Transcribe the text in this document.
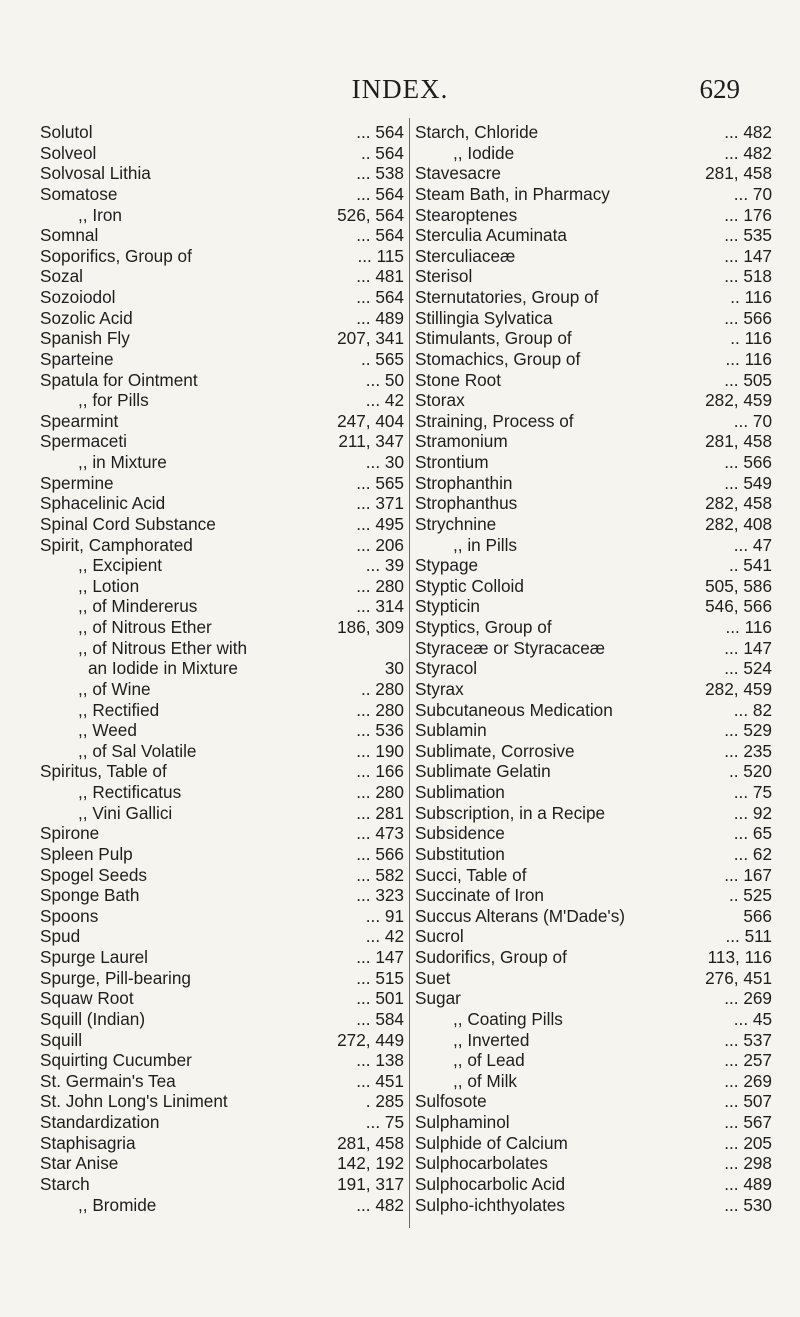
INDEX.	629
Solutol	... 564
Solveol	.. 564
Solvosal Lithia	... 538
Somatose	... 564
,, Iron	526, 564
Somnal	... 564
Soporifics, Group of	... 115
Sozal	... 481
Sozoiodol	... 564
Sozolic Acid	... 489
Spanish Fly	207, 341
Sparteine	.. 565
Spatula for Ointment	... 50
,, for Pills	... 42
Spearmint	247, 404
Spermaceti	211, 347
,, in Mixture	... 30
Spermine	... 565
Sphacelinic Acid	... 371
Spinal Cord Substance	... 495
Spirit, Camphorated	... 206
,, Excipient	... 39
,, Lotion	... 280
,, of Mindererus	... 314
,, of Nitrous Ether	186, 309
,, of Nitrous Ether with
an Iodide in Mixture	30
,, of Wine	.. 280
,, Rectified	... 280
,, Weed	... 536
,, of Sal Volatile	... 190
Spiritus, Table of	... 166
,, Rectificatus	... 280
,, Vini Gallici	... 281
Spirone	... 473
Spleen Pulp	... 566
Spogel Seeds	... 582
Sponge Bath	... 323
Spoons	... 91
Spud	... 42
Spurge Laurel	... 147
Spurge, Pill-bearing	... 515
Squaw Root	... 501
Squill (Indian)	... 584
Squill	272, 449
Squirting Cucumber	... 138
St. Germain's Tea	... 451
St. John Long's Liniment	. 285
Standardization	... 75
Staphisagria	281, 458
Star Anise	142, 192
Starch	191, 317
,, Bromide	... 482
Starch, Chloride	... 482
,, Iodide	... 482
Stavesacre	281, 458
Steam Bath, in Pharmacy	... 70
Stearoptenes	... 176
Sterculia Acuminata	... 535
Sterculiaceæ	... 147
Sterisol	... 518
Sternutatories, Group of	.. 116
Stillingia Sylvatica	... 566
Stimulants, Group of	.. 116
Stomachics, Group of	... 116
Stone Root	... 505
Storax	282, 459
Straining, Process of	... 70
Stramonium	281, 458
Strontium	... 566
Strophanthin	... 549
Strophanthus	282, 458
Strychnine	282, 408
,, in Pills	... 47
Stypage	.. 541
Styptic Colloid	505, 586
Stypticin	546, 566
Styptics, Group of	... 116
Styraceæ or Styracaceæ	... 147
Styracol	... 524
Styrax	282, 459
Subcutaneous Medication	... 82
Sublamin	... 529
Sublimate, Corrosive	... 235
Sublimate Gelatin	.. 520
Sublimation	... 75
Subscription, in a Recipe	... 92
Subsidence	... 65
Substitution	... 62
Succi, Table of	... 167
Succinate of Iron	.. 525
Succus Alterans (M'Dade's)	566
Sucrol	... 511
Sudorifics, Group of	113, 116
Suet	276, 451
Sugar	... 269
,, Coating Pills	... 45
,, Inverted	... 537
,, of Lead	... 257
,, of Milk	... 269
Sulfosote	... 507
Sulphaminol	... 567
Sulphide of Calcium	... 205
Sulphocarbolates	... 298
Sulphocarbolic Acid	... 489
Sulpho-ichthyolates	... 530
